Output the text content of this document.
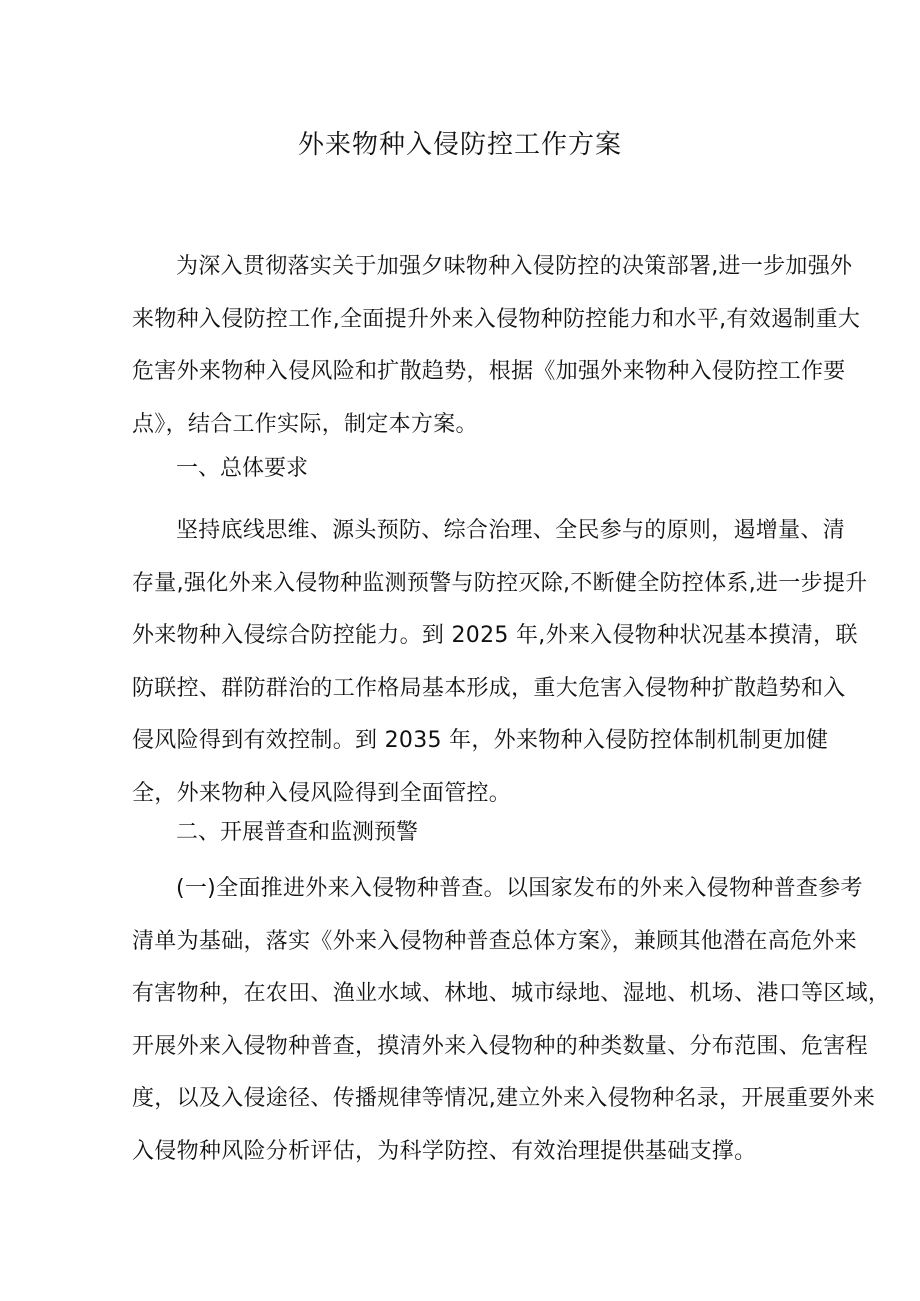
外来物种入侵防控工作方案
为深入贯彻落实关于加强夕味物种入侵防控的决策部署,进一步加强外
来物种入侵防控工作,全面提升外来入侵物种防控能力和水平,有效遏制重大
危害外来物种入侵风险和扩散趋势，根据《加强外来物种入侵防控工作要
点》，结合工作实际，制定本方案。
一、总体要求
坚持底线思维、源头预防、综合治理、全民参与的原则，遏增量、清
存量,强化外来入侵物种监测预警与防控灭除,不断健全防控体系,进一步提升
外来物种入侵综合防控能力。到 2025 年,外来入侵物种状况基本摸清，联
防联控、群防群治的工作格局基本形成，重大危害入侵物种扩散趋势和入
侵风险得到有效控制。到 2035 年，外来物种入侵防控体制机制更加健
全，外来物种入侵风险得到全面管控。
二、开展普查和监测预警
(一)全面推进外来入侵物种普查。以国家发布的外来入侵物种普查参考
清单为基础，落实《外来入侵物种普查总体方案》，兼顾其他潜在高危外来
有害物种，在农田、渔业水域、林地、城市绿地、湿地、机场、港口等区域，
开展外来入侵物种普查，摸清外来入侵物种的种类数量、分布范围、危害程
度，以及入侵途径、传播规律等情况,建立外来入侵物种名录，开展重要外来
入侵物种风险分析评估，为科学防控、有效治理提供基础支撑。
